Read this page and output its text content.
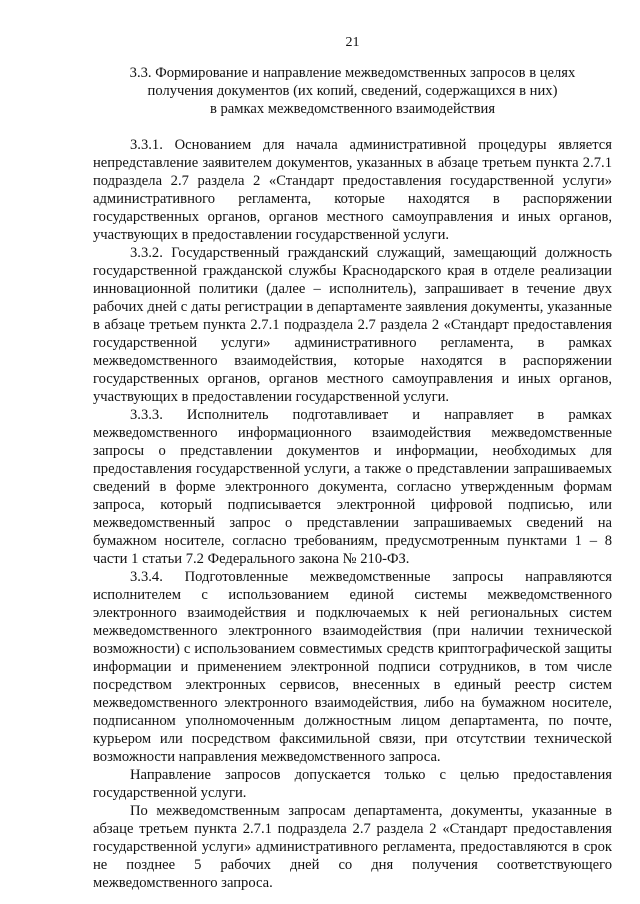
21
3.3. Формирование и направление межведомственных запросов в целях
получения документов (их копий, сведений, содержащихся в них)
в рамках межведомственного взаимодействия

3.3.1. Основанием для начала административной процедуры является непредставление заявителем документов, указанных в абзаце третьем пункта 2.7.1 подраздела 2.7 раздела 2 «Стандарт предоставления государственной услуги» административного регламента, которые находятся в распоряжении государственных органов, органов местного самоуправления и иных органов, участвующих в предоставлении государственной услуги.

3.3.2. Государственный гражданский служащий, замещающий должность государственной гражданской службы Краснодарского края в отделе реализации инновационной политики (далее – исполнитель), запрашивает в течение двух рабочих дней с даты регистрации в департаменте заявления документы, указанные в абзаце третьем пункта 2.7.1 подраздела 2.7 раздела 2 «Стандарт предоставления государственной услуги» административного регламента, в рамках межведомственного взаимодействия, которые находятся в распоряжении государственных органов, органов местного самоуправления и иных органов, участвующих в предоставлении государственной услуги.

3.3.3. Исполнитель подготавливает и направляет в рамках межведомственного информационного взаимодействия межведомственные запросы о представлении документов и информации, необходимых для предоставления государственной услуги, а также о представлении запрашиваемых сведений в форме электронного документа, согласно утвержденным формам запроса, который подписывается электронной цифровой подписью, или межведомственный запрос о представлении запрашиваемых сведений на бумажном носителе, согласно требованиям, предусмотренным пунктами 1 – 8 части 1 статьи 7.2 Федерального закона № 210-ФЗ.

3.3.4. Подготовленные межведомственные запросы направляются исполнителем с использованием единой системы межведомственного электронного взаимодействия и подключаемых к ней региональных систем межведомственного электронного взаимодействия (при наличии технической возможности) с использованием совместимых средств криптографической защиты информации и применением электронной подписи сотрудников, в том числе посредством электронных сервисов, внесенных в единый реестр систем межведомственного электронного взаимодействия, либо на бумажном носителе, подписанном уполномоченным должностным лицом департамента, по почте, курьером или посредством факсимильной связи, при отсутствии технической возможности направления межведомственного запроса.

Направление запросов допускается только с целью предоставления государственной услуги.

По межведомственным запросам департамента, документы, указанные в абзаце третьем пункта 2.7.1 подраздела 2.7 раздела 2 «Стандарт предоставления государственной услуги» административного регламента, предоставляются в срок не позднее 5 рабочих дней со дня получения соответствующего межведомственного запроса.
